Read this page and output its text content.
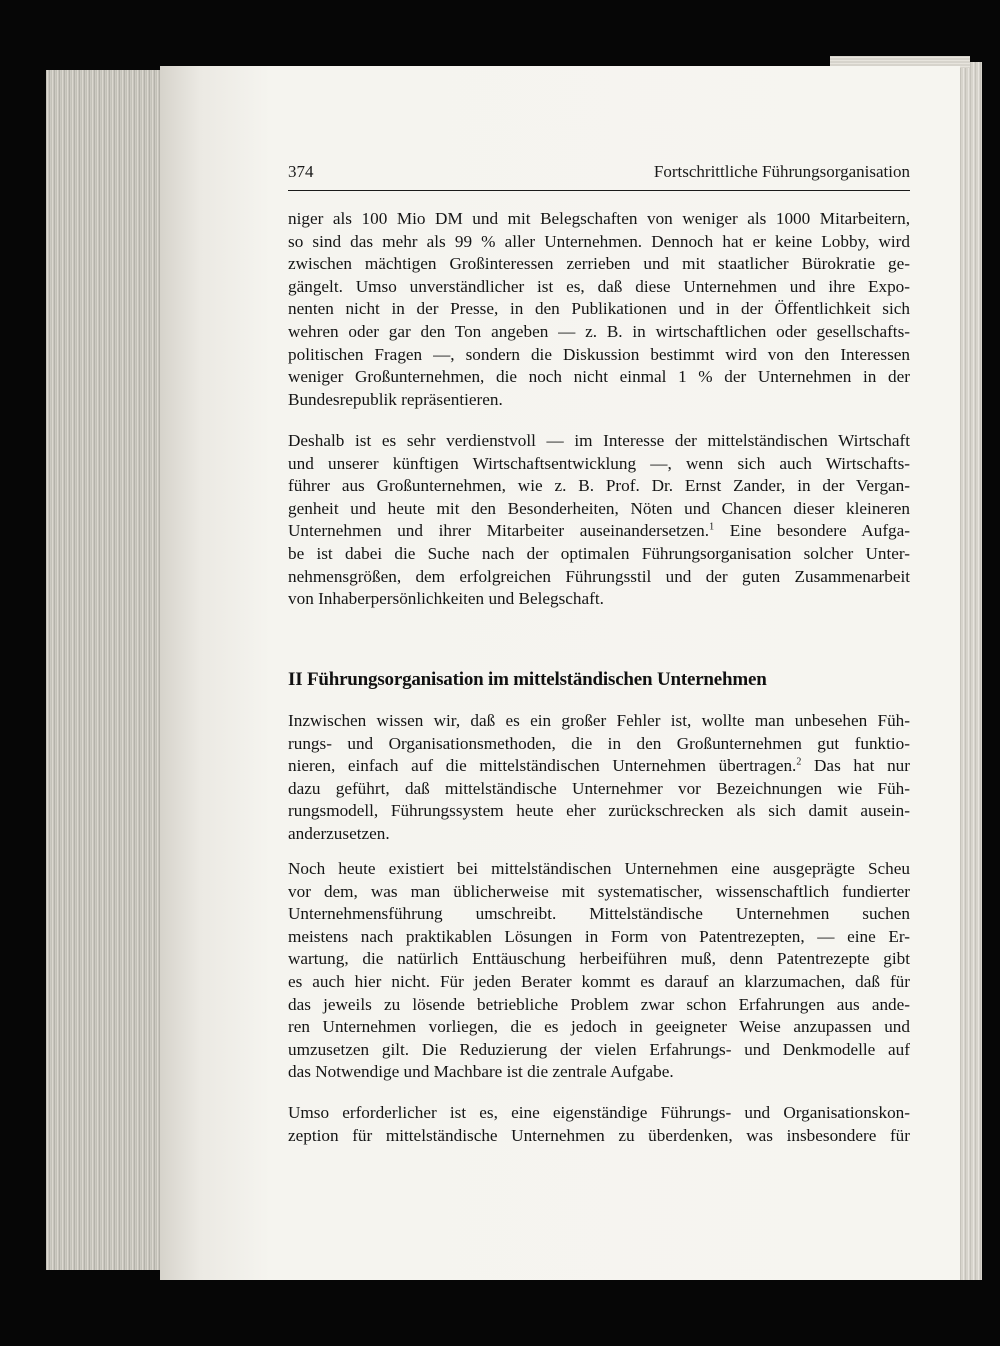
374	Fortschrittliche Führungsorganisation

niger als 100 Mio DM und mit Belegschaften von weniger als 1000 Mitarbeitern,
so sind das mehr als 99 % aller Unternehmen. Dennoch hat er keine Lobby, wird
zwischen mächtigen Großinteressen zerrieben und mit staatlicher Bürokratie ge-
gängelt. Umso unverständlicher ist es, daß diese Unternehmen und ihre Expo-
nenten nicht in der Presse, in den Publikationen und in der Öffentlichkeit sich
wehren oder gar den Ton angeben — z. B. in wirtschaftlichen oder gesellschafts-
politischen Fragen —, sondern die Diskussion bestimmt wird von den Interessen
weniger Großunternehmen, die noch nicht einmal 1 % der Unternehmen in der
Bundesrepublik repräsentieren.

Deshalb ist es sehr verdienstvoll — im Interesse der mittelständischen Wirtschaft
und unserer künftigen Wirtschaftsentwicklung —, wenn sich auch Wirtschafts-
führer aus Großunternehmen, wie z. B. Prof. Dr. Ernst Zander, in der Vergan-
genheit und heute mit den Besonderheiten, Nöten und Chancen dieser kleineren
Unternehmen und ihrer Mitarbeiter auseinandersetzen.$^1$ Eine besondere Aufga-
be ist dabei die Suche nach der optimalen Führungsorganisation solcher Unter-
nehmensgrößen, dem erfolgreichen Führungsstil und der guten Zusammenarbeit
von Inhaberpersönlichkeiten und Belegschaft.

II Führungsorganisation im mittelständischen Unternehmen

Inzwischen wissen wir, daß es ein großer Fehler ist, wollte man unbesehen Füh-
rungs- und Organisationsmethoden, die in den Großunternehmen gut funktio-
nieren, einfach auf die mittelständischen Unternehmen übertragen.$^2$ Das hat nur
dazu geführt, daß mittelständische Unternehmer vor Bezeichnungen wie Füh-
rungsmodell, Führungssystem heute eher zurückschrecken als sich damit ausein-
anderzusetzen.

Noch heute existiert bei mittelständischen Unternehmen eine ausgeprägte Scheu
vor dem, was man üblicherweise mit systematischer, wissenschaftlich fundierter
Unternehmensführung umschreibt. Mittelständische Unternehmen suchen
meistens nach praktikablen Lösungen in Form von Patentrezepten, — eine Er-
wartung, die natürlich Enttäuschung herbeiführen muß, denn Patentrezepte gibt
es auch hier nicht. Für jeden Berater kommt es darauf an klarzumachen, daß für
das jeweils zu lösende betriebliche Problem zwar schon Erfahrungen aus ande-
ren Unternehmen vorliegen, die es jedoch in geeigneter Weise anzupassen und
umzusetzen gilt. Die Reduzierung der vielen Erfahrungs- und Denkmodelle auf
das Notwendige und Machbare ist die zentrale Aufgabe.

Umso erforderlicher ist es, eine eigenständige Führungs- und Organisationskon-
zeption für mittelständische Unternehmen zu überdenken, was insbesondere für
